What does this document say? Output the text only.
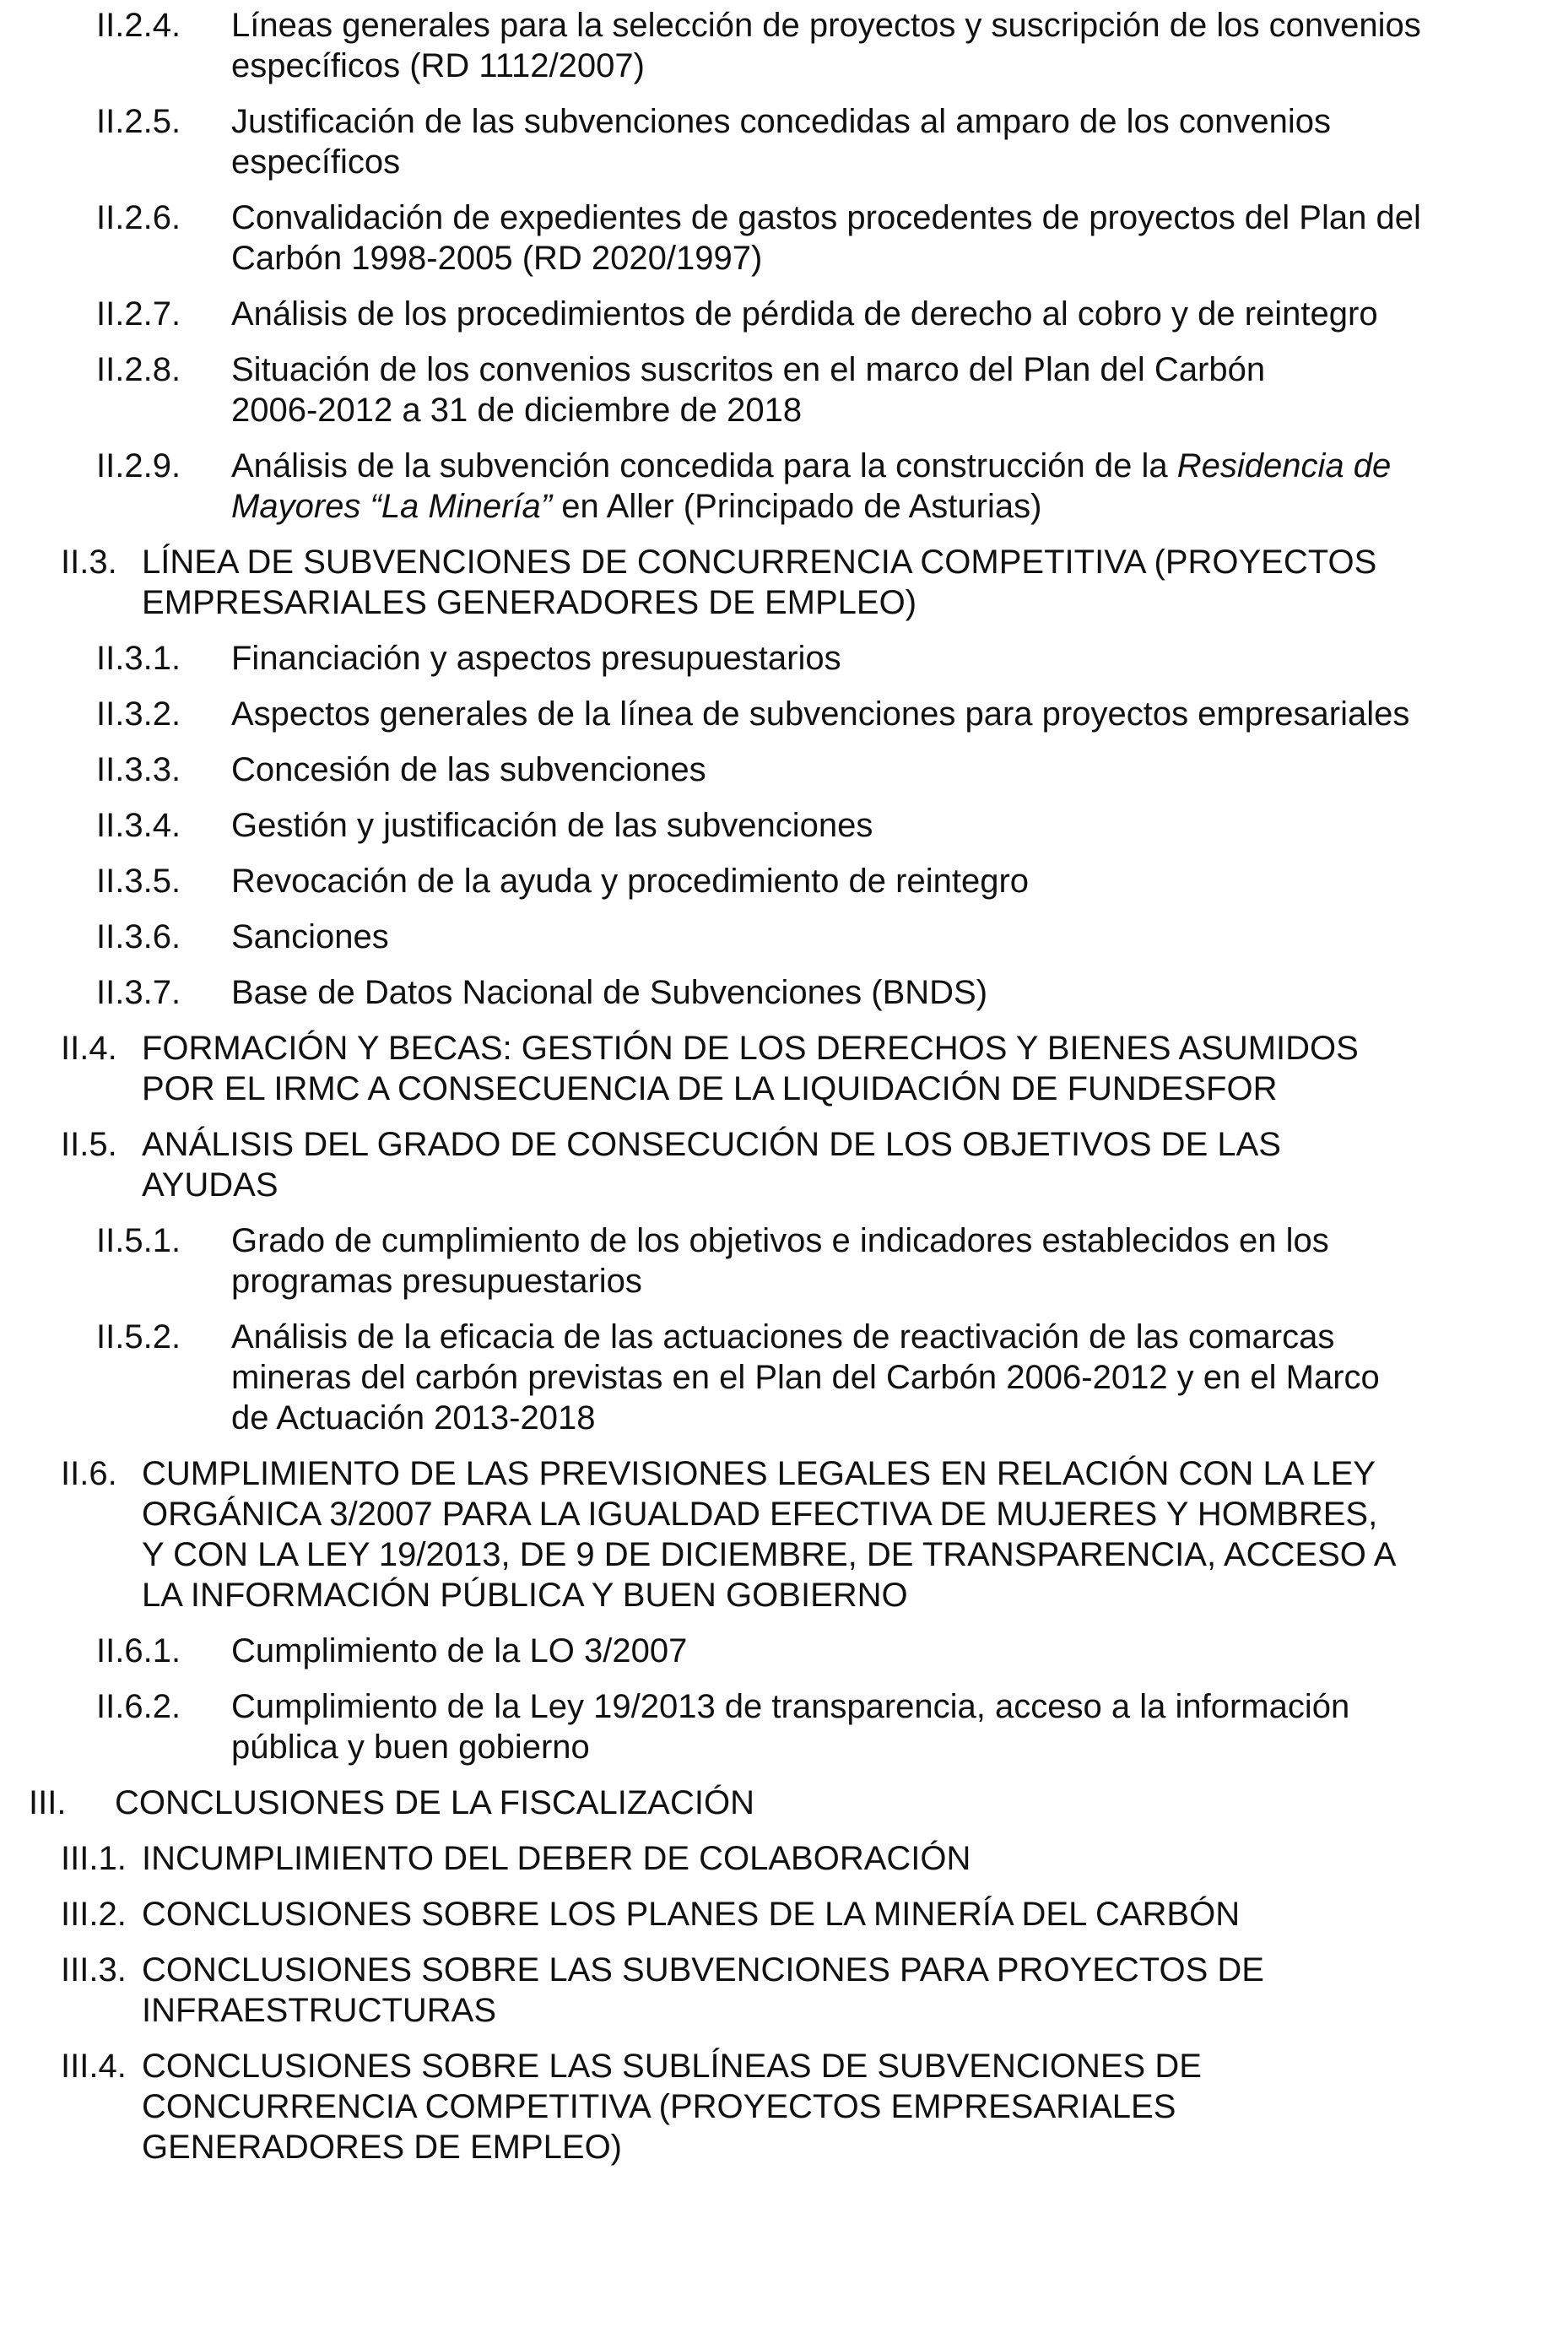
II.2.4. Líneas generales para la selección de proyectos y suscripción de los convenios
específicos (RD 1112/2007)
II.2.5. Justificación de las subvenciones concedidas al amparo de los convenios
específicos
II.2.6. Convalidación de expedientes de gastos procedentes de proyectos del Plan del
Carbón 1998-2005 (RD 2020/1997)
II.2.7. Análisis de los procedimientos de pérdida de derecho al cobro y de reintegro
II.2.8. Situación de los convenios suscritos en el marco del Plan del Carbón
2006-2012 a 31 de diciembre de 2018
II.2.9. Análisis de la subvención concedida para la construcción de la Residencia de
Mayores “La Minería” en Aller (Principado de Asturias)
II.3. LÍNEA DE SUBVENCIONES DE CONCURRENCIA COMPETITIVA (PROYECTOS
EMPRESARIALES GENERADORES DE EMPLEO)
II.3.1. Financiación y aspectos presupuestarios
II.3.2. Aspectos generales de la línea de subvenciones para proyectos empresariales
II.3.3. Concesión de las subvenciones
II.3.4. Gestión y justificación de las subvenciones
II.3.5. Revocación de la ayuda y procedimiento de reintegro
II.3.6. Sanciones
II.3.7. Base de Datos Nacional de Subvenciones (BNDS)
II.4. FORMACIÓN Y BECAS: GESTIÓN DE LOS DERECHOS Y BIENES ASUMIDOS
POR EL IRMC A CONSECUENCIA DE LA LIQUIDACIÓN DE FUNDESFOR
II.5. ANÁLISIS DEL GRADO DE CONSECUCIÓN DE LOS OBJETIVOS DE LAS
AYUDAS
II.5.1. Grado de cumplimiento de los objetivos e indicadores establecidos en los
programas presupuestarios
II.5.2. Análisis de la eficacia de las actuaciones de reactivación de las comarcas
mineras del carbón previstas en el Plan del Carbón 2006-2012 y en el Marco
de Actuación 2013-2018
II.6. CUMPLIMIENTO DE LAS PREVISIONES LEGALES EN RELACIÓN CON LA LEY
ORGÁNICA 3/2007 PARA LA IGUALDAD EFECTIVA DE MUJERES Y HOMBRES,
Y CON LA LEY 19/2013, DE 9 DE DICIEMBRE, DE TRANSPARENCIA, ACCESO A
LA INFORMACIÓN PÚBLICA Y BUEN GOBIERNO
II.6.1. Cumplimiento de la LO 3/2007
II.6.2. Cumplimiento de la Ley 19/2013 de transparencia, acceso a la información
pública y buen gobierno
III. CONCLUSIONES DE LA FISCALIZACIÓN
III.1. INCUMPLIMIENTO DEL DEBER DE COLABORACIÓN
III.2. CONCLUSIONES SOBRE LOS PLANES DE LA MINERÍA DEL CARBÓN
III.3. CONCLUSIONES SOBRE LAS SUBVENCIONES PARA PROYECTOS DE
INFRAESTRUCTURAS
III.4. CONCLUSIONES SOBRE LAS SUBLÍNEAS DE SUBVENCIONES DE
CONCURRENCIA COMPETITIVA (PROYECTOS EMPRESARIALES
GENERADORES DE EMPLEO)
